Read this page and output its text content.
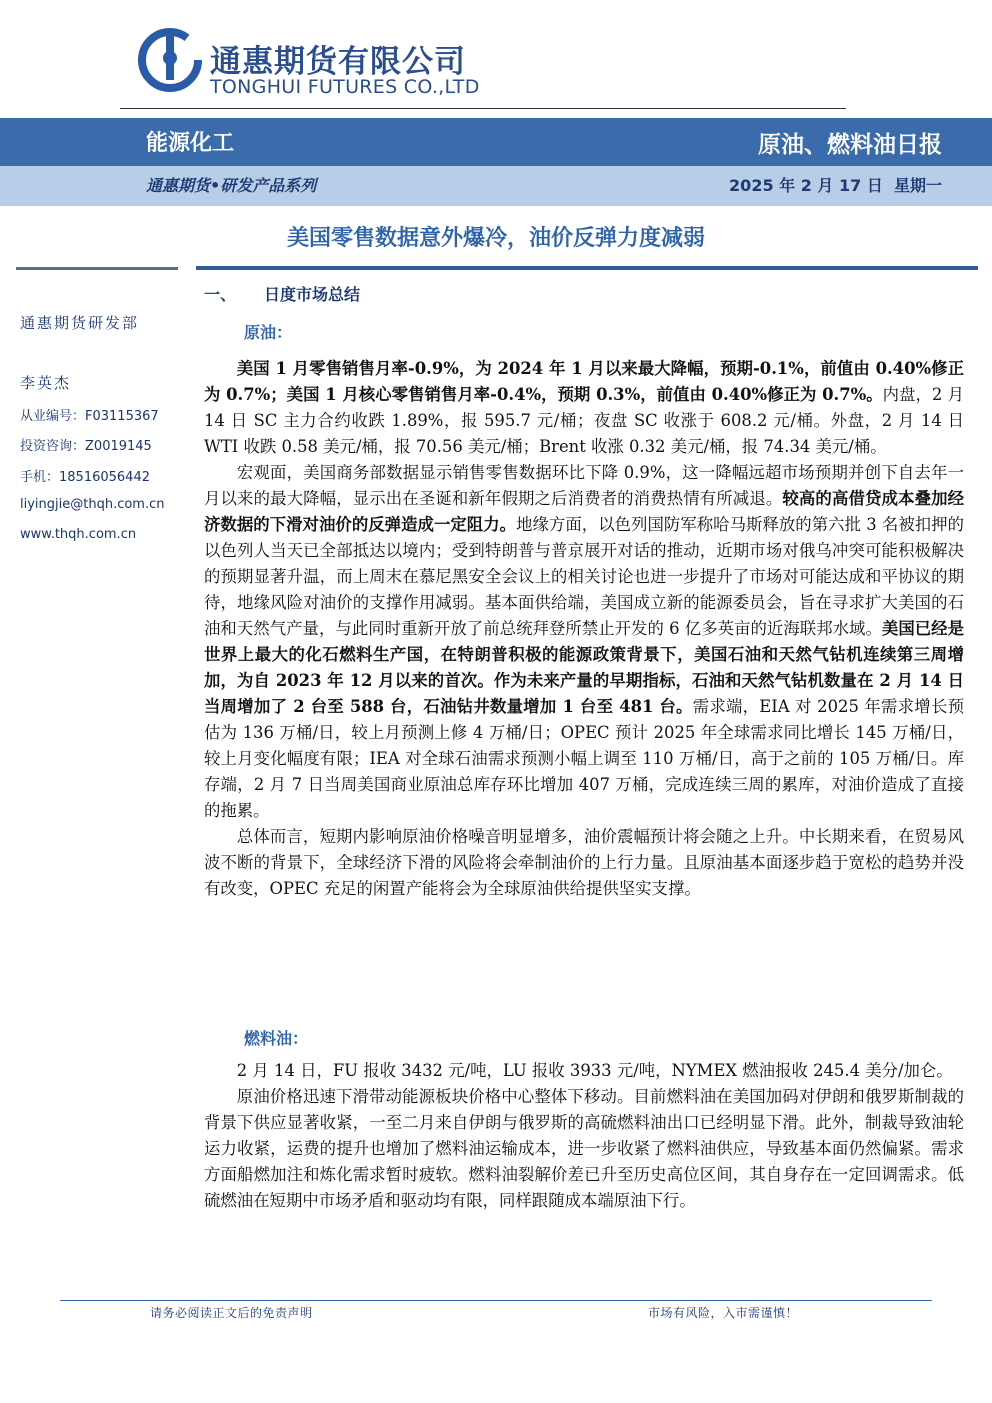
通惠期货有限公司
TONGHUI FUTURES CO.,LTD
能源化工	原油、燃料油日报
通惠期货•研发产品系列	2025 年 2 月 17 日 星期一
美国零售数据意外爆冷，油价反弹力度减弱
通惠期货研发部
李英杰
从业编号：F03115367
投资咨询：Z0019145
手机：18516056442
liyingjie@thqh.com.cn
www.thqh.com.cn
一、 日度市场总结
原油：

美国 1 月零售销售月率-0.9%，为 2024 年 1 月以来最大降幅，预期-0.1%，前值由 0.40%修正为 0.7%；美国 1 月核心零售销售月率-0.4%，预期 0.3%，前值由 0.40%修正为 0.7%。内盘，2 月 14 日 SC 主力合约收跌 1.89%，报 595.7 元/桶；夜盘 SC 收涨于 608.2 元/桶。外盘，2 月 14 日 WTI 收跌 0.58 美元/桶，报 70.56 美元/桶；Brent 收涨 0.32 美元/桶，报 74.34 美元/桶。

宏观面，美国商务部数据显示销售零售数据环比下降 0.9%，这一降幅远超市场预期并创下自去年一月以来的最大降幅，显示出在圣诞和新年假期之后消费者的消费热情有所减退。较高的高借贷成本叠加经济数据的下滑对油价的反弹造成一定阻力。地缘方面，以色列国防军称哈马斯释放的第六批 3 名被扣押的以色列人当天已全部抵达以境内；受到特朗普与普京展开对话的推动，近期市场对俄乌冲突可能积极解决的预期显著升温，而上周末在慕尼黑安全会议上的相关讨论也进一步提升了市场对可能达成和平协议的期待，地缘风险对油价的支撑作用减弱。基本面供给端，美国成立新的能源委员会，旨在寻求扩大美国的石油和天然气产量，与此同时重新开放了前总统拜登所禁止开发的 6 亿多英亩的近海联邦水域。美国已经是世界上最大的化石燃料生产国，在特朗普积极的能源政策背景下，美国石油和天然气钻机连续第三周增加，为自 2023 年 12 月以来的首次。作为未来产量的早期指标，石油和天然气钻机数量在 2 月 14 日当周增加了 2 台至 588 台，石油钻井数量增加 1 台至 481 台。需求端，EIA 对 2025 年需求增长预估为 136 万桶/日，较上月预测上修 4 万桶/日；OPEC 预计 2025 年全球需求同比增长 145 万桶/日，较上月变化幅度有限；IEA 对全球石油需求预测小幅上调至 110 万桶/日，高于之前的 105 万桶/日。库存端，2 月 7 日当周美国商业原油总库存环比增加 407 万桶，完成连续三周的累库，对油价造成了直接的拖累。

总体而言，短期内影响原油价格噪音明显增多，油价震幅预计将会随之上升。中长期来看，在贸易风波不断的背景下，全球经济下滑的风险将会牵制油价的上行力量。且原油基本面逐步趋于宽松的趋势并没有改变，OPEC 充足的闲置产能将会为全球原油供给提供坚实支撑。

燃料油：

2 月 14 日，FU 报收 3432 元/吨，LU 报收 3933 元/吨，NYMEX 燃油报收 245.4 美分/加仑。

原油价格迅速下滑带动能源板块价格中心整体下移动。目前燃料油在美国加码对伊朗和俄罗斯制裁的背景下供应显著收紧，一至二月来自伊朗与俄罗斯的高硫燃料油出口已经明显下滑。此外，制裁导致油轮运力收紧，运费的提升也增加了燃料油运输成本，进一步收紧了燃料油供应，导致基本面仍然偏紧。需求方面船燃加注和炼化需求暂时疲软。燃料油裂解价差已升至历史高位区间，其自身存在一定回调需求。低硫燃油在短期中市场矛盾和驱动均有限，同样跟随成本端原油下行。

请务必阅读正文后的免责声明	市场有风险，入市需谨慎！
